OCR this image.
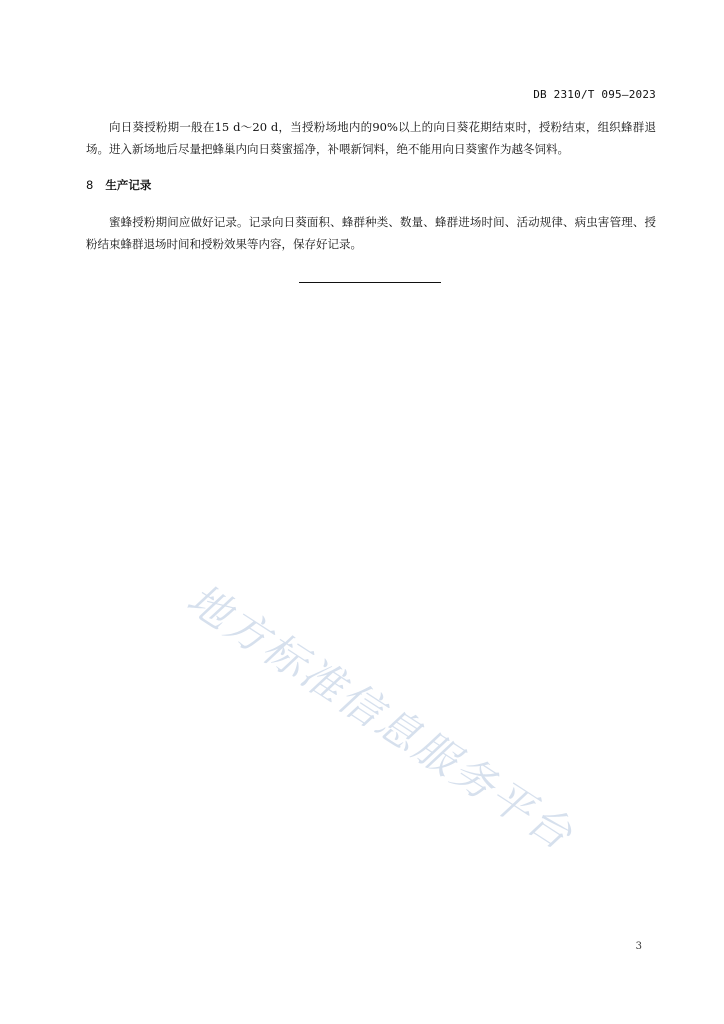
DB 2310/T 095—2023

向日葵授粉期一般在15 d～20 d，当授粉场地内的90%以上的向日葵花期结束时，授粉结束，组织蜂群退场。进入新场地后尽量把蜂巢内向日葵蜜摇净，补喂新饲料，绝不能用向日葵蜜作为越冬饲料。

8 生产记录

蜜蜂授粉期间应做好记录。记录向日葵面积、蜂群种类、数量、蜂群进场时间、活动规律、病虫害管理、授粉结束蜂群退场时间和授粉效果等内容，保存好记录。

地方标准信息服务平台
3
